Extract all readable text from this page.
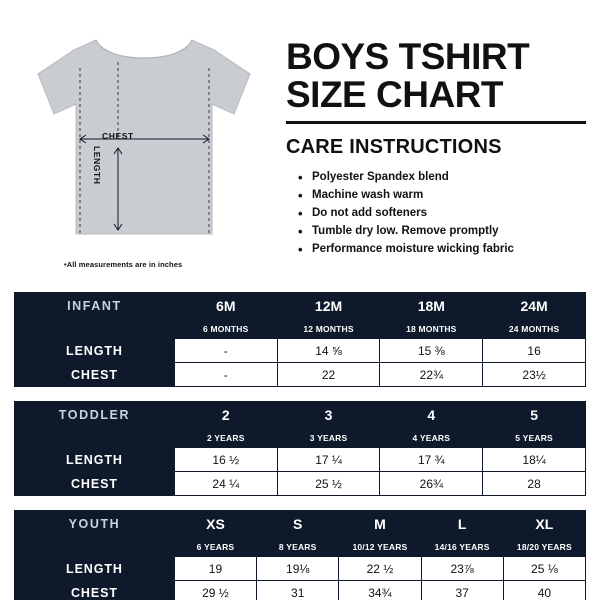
CHEST
LENGTH
•All measurements are in inches
BOYS TSHIRT
SIZE CHART
CARE INSTRUCTIONS
• Polyester Spandex blend
• Machine wash warm
• Do not add softeners
• Tumble dry low. Remove promptly
• Performance moisture wicking fabric
INFANT	6M	12M	18M	24M
	6 MONTHS	12 MONTHS	18 MONTHS	24 MONTHS
LENGTH	-	14 ⅝	15 ⅜	16
CHEST	-	22	22¾	23½
TODDLER	2	3	4	5
	2 YEARS	3 YEARS	4 YEARS	5 YEARS
LENGTH	16 ½	17 ¼	17 ¾	18¼
CHEST	24 ¼	25 ½	26¾	28
YOUTH	XS	S	M	L	XL
	6 YEARS	8 YEARS	10/12 YEARS	14/16 YEARS	18/20 YEARS
LENGTH	19	19⅛	22 ½	23⅞	25 ⅛
CHEST	29 ½	31	34¾	37	40
